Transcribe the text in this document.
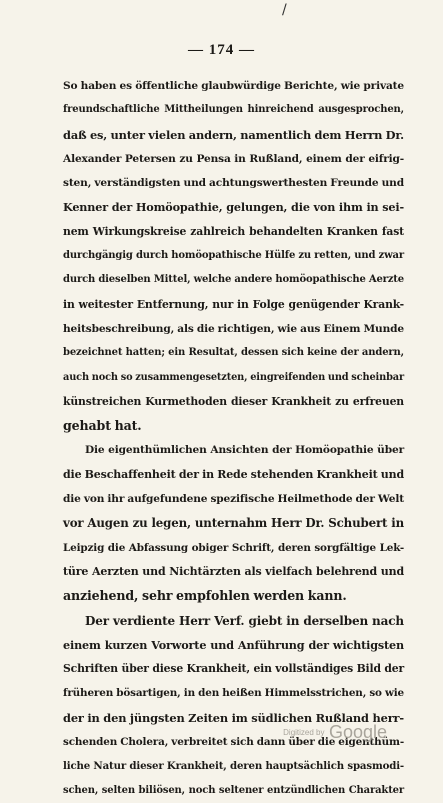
/
— 174 —
So haben es öffentliche glaubwürdige Berichte, wie private
freundschaftliche Mittheilungen hinreichend ausgesprochen,
daß es, unter vielen andern, namentlich dem Herrn Dr.
Alexander Petersen zu Pensa in Rußland, einem der eifrig-
sten, verständigsten und achtungswerthesten Freunde und
Kenner der Homöopathie, gelungen, die von ihm in sei-
nem Wirkungskreise zahlreich behandelten Kranken fast
durchgängig durch homöopathische Hülfe zu retten, und zwar
durch dieselben Mittel, welche andere homöopathische Aerzte
in weitester Entfernung, nur in Folge genügender Krank-
heitsbeschreibung, als die richtigen, wie aus Einem Munde
bezeichnet hatten; ein Resultat, dessen sich keine der andern,
auch noch so zusammengesetzten, eingreifenden und scheinbar
künstreichen Kurmethoden dieser Krankheit zu erfreuen
gehabt hat.
Die eigenthümlichen Ansichten der Homöopathie über
die Beschaffenheit der in Rede stehenden Krankheit und
die von ihr aufgefundene spezifische Heilmethode der Welt
vor Augen zu legen, unternahm Herr Dr. Schubert in
Leipzig die Abfassung obiger Schrift, deren sorgfältige Lek-
türe Aerzten und Nichtärzten als vielfach belehrend und
anziehend, sehr empfohlen werden kann.
Der verdiente Herr Verf. giebt in derselben nach
einem kurzen Vorworte und Anführung der wichtigsten
Schriften über diese Krankheit, ein vollständiges Bild der
früheren bösartigen, in den heißen Himmelsstrichen, so wie
der in den jüngsten Zeiten im südlichen Rußland herr-
schenden Cholera, verbreitet sich dann über die eigenthüm-
liche Natur dieser Krankheit, deren hauptsächlich spasmodi-
schen, selten biliösen, noch seltener entzündlichen Charakter
Digitized by Google
